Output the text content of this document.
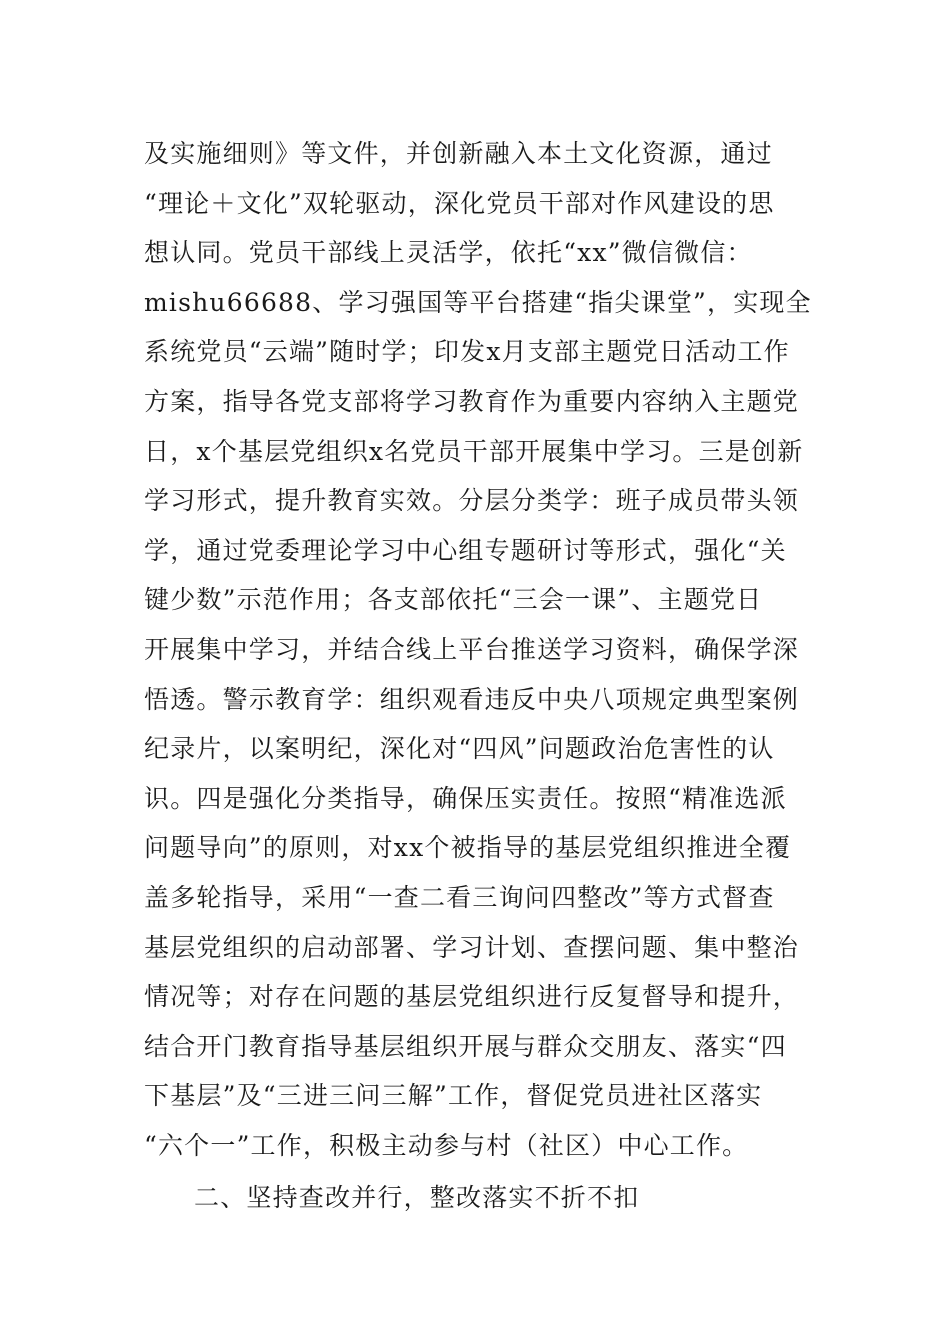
及实施细则》等文件，并创新融入本土文化资源，通过
“理论＋文化”双轮驱动，深化党员干部对作风建设的思
想认同。党员干部线上灵活学，依托“xx”微信微信：
mishu66688、学习强国等平台搭建“指尖课堂”，实现全
系统党员“云端”随时学；印发x月支部主题党日活动工作
方案，指导各党支部将学习教育作为重要内容纳入主题党
日，x个基层党组织x名党员干部开展集中学习。三是创新
学习形式，提升教育实效。分层分类学：班子成员带头领
学，通过党委理论学习中心组专题研讨等形式，强化“关
键少数”示范作用；各支部依托“三会一课”、主题党日
开展集中学习，并结合线上平台推送学习资料，确保学深
悟透。警示教育学：组织观看违反中央八项规定典型案例
纪录片，以案明纪，深化对“四风”问题政治危害性的认
识。四是强化分类指导，确保压实责任。按照“精准选派
问题导向”的原则，对xx个被指导的基层党组织推进全覆
盖多轮指导，采用“一查二看三询问四整改”等方式督查
基层党组织的启动部署、学习计划、查摆问题、集中整治
情况等；对存在问题的基层党组织进行反复督导和提升，
结合开门教育指导基层组织开展与群众交朋友、落实“四
下基层”及“三进三问三解”工作，督促党员进社区落实
“六个一”工作，积极主动参与村（社区）中心工作。
二、坚持查改并行，整改落实不折不扣
